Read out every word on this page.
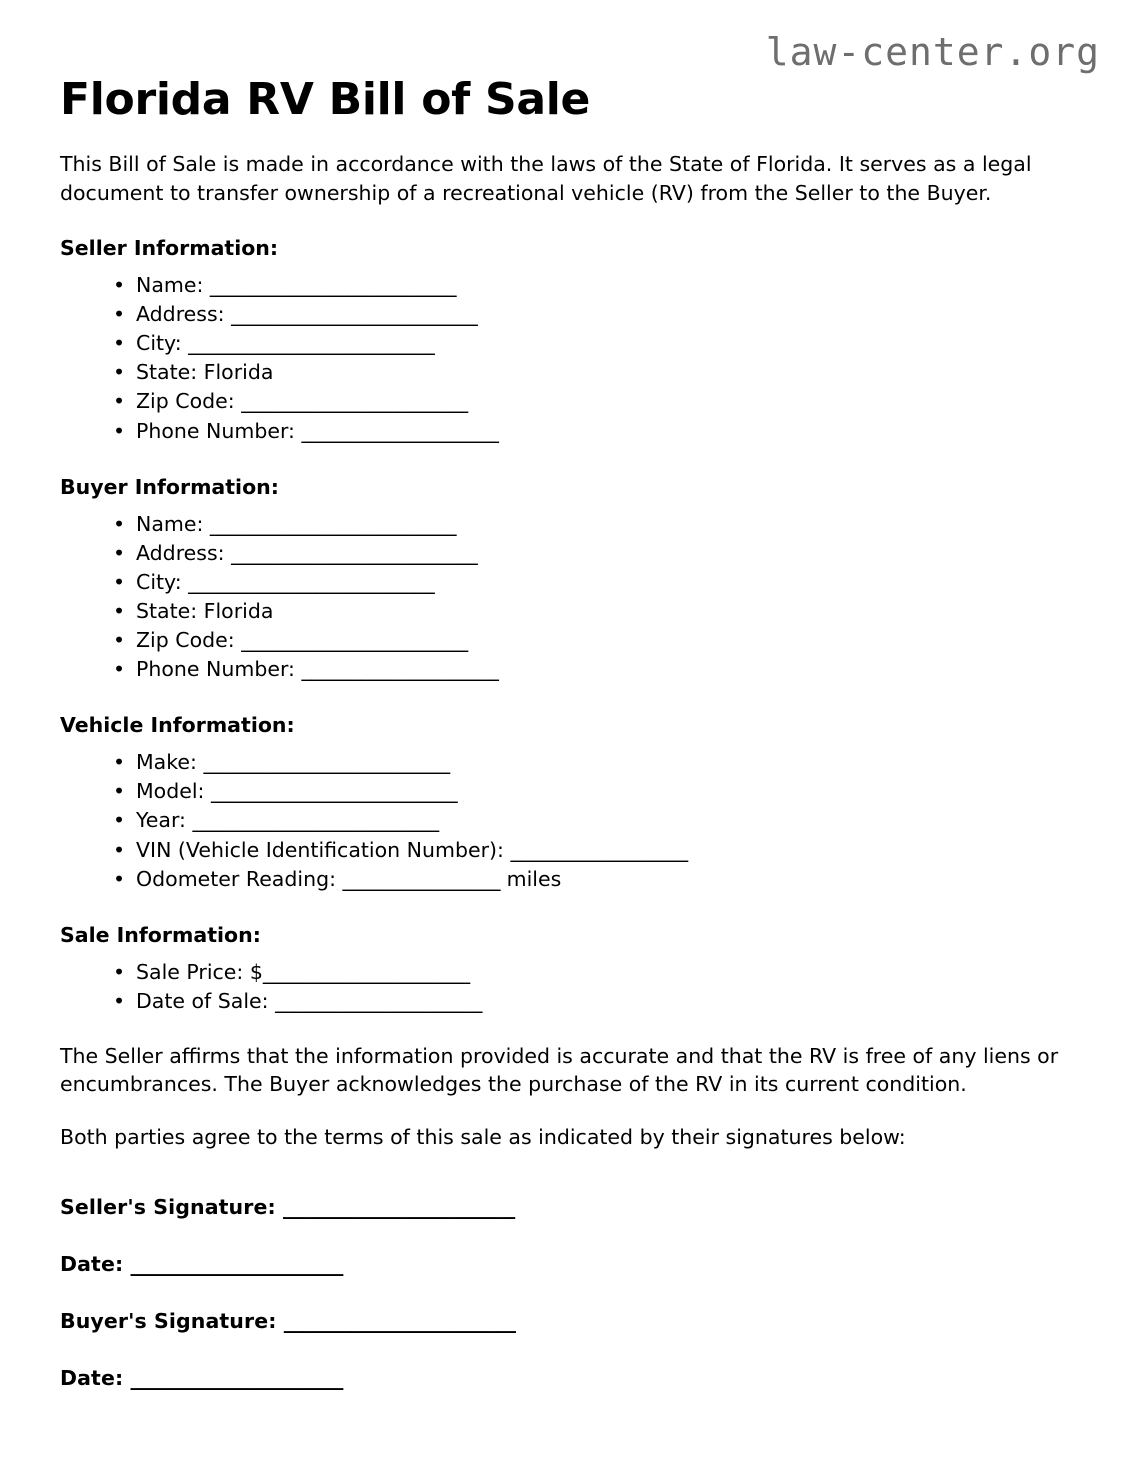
law-center.org
Florida RV Bill of Sale

This Bill of Sale is made in accordance with the laws of the State of Florida. It serves as a legal document to transfer ownership of a recreational vehicle (RV) from the Seller to the Buyer.

Seller Information:
• Name: _________________________
• Address: _________________________
• City: _________________________
• State: Florida
• Zip Code: _______________________
• Phone Number: ____________________
Buyer Information:
• Name: _________________________
• Address: _________________________
• City: _________________________
• State: Florida
• Zip Code: _______________________
• Phone Number: ____________________
Vehicle Information:
• Make: _________________________
• Model: _________________________
• Year: _________________________
• VIN (Vehicle Identification Number): __________________
• Odometer Reading: ________________ miles
Sale Information:
• Sale Price: $_____________________
• Date of Sale: _____________________

The Seller affirms that the information provided is accurate and that the RV is free of any liens or encumbrances. The Buyer acknowledges the purchase of the RV in its current condition.

Both parties agree to the terms of this sale as indicated by their signatures below:

Seller's Signature: ________________________
Date: ______________________
Buyer's Signature: ________________________
Date: ______________________
